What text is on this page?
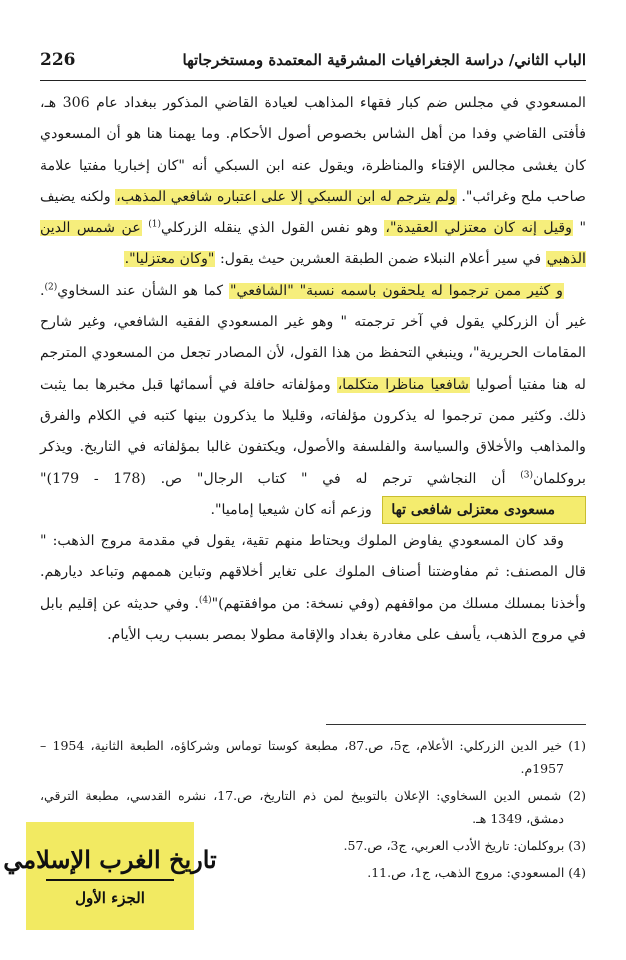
الباب الثاني/ دراسة الجغرافيات المشرقية المعتمدة ومستخرجاتها
226

المسعودي في مجلس ضم كبار فقهاء المذاهب لعيادة القاضي المذكور ببغداد عام 306 هـ، فأفتى القاضي وفدا من أهل الشاس بخصوص أصول الأحكام. وما يهمنا هنا هو أن المسعودي كان يغشى مجالس الإفتاء والمناظرة، ويقول عنه ابن السبكي أنه "كان إخباريا مفتيا علامة صاحب ملح وغرائب". ولم يترجم له ابن السبكي إلا على اعتباره شافعي المذهب، ولكنه يضيف " وقيل إنه كان معتزلي العقيدة"، وهو نفس القول الذي ينقله الزركلي$^{(1)}$ عن شمس الدين الذهبي في سير أعلام النبلاء ضمن الطبقة العشرين حيث يقول: "وكان معتزليا".

و كثير ممن ترجموا له يلحقون باسمه نسبة" "الشافعي" كما هو الشأن عند السخاوي$^{(2)}$. غير أن الزركلي يقول في آخر ترجمته " وهو غير المسعودي الفقيه الشافعي، وغير شارح المقامات الحريرية"، وينبغي التحفظ من هذا القول، لأن المصادر تجعل من المسعودي المترجم له هنا مفتيا أصوليا شافعيا مناظرا متكلما، ومؤلفاته حافلة في أسمائها قبل مخبرها بما يثبت ذلك. وكثير ممن ترجموا له يذكرون مؤلفاته، وقليلا ما يذكرون بينها كتبه في الكلام والفرق والمذاهب والأخلاق والسياسة والفلسفة والأصول، ويكتفون غالبا بمؤلفاته في التاريخ. ويذكر بروكلمان$^{(3)}$ أن النجاشي ترجم له في " كتاب الرجال" ص. (178 - 179)" مسعودى معتزلى شافعى تها وزعم أنه كان شيعيا إماميا".

وقد كان المسعودي يفاوض الملوك ويحتاط منهم تقية، يقول في مقدمة مروج الذهب: " قال المصنف: ثم مفاوضتنا أصناف الملوك على تغاير أخلاقهم وتباين هممهم وتباعد ديارهم. وأخذنا بمسلك مسلك من مواقفهم (وفي نسخة: من موافقتهم)"$^{(4)}$. وفي حديثه عن إقليم بابل في مروج الذهب، يأسف على مغادرة بغداد والإقامة مطولا بمصر بسبب ريب الأيام.

(1) خير الدين الزركلي: الأعلام، ج5، ص.87، مطبعة كوستا توماس وشركاؤه، الطبعة الثانية، 1954 – 1957م.

(2) شمس الدين السخاوي: الإعلان بالتوبيخ لمن ذم التاريخ، ص.17، نشره القدسي، مطبعة الترقي، دمشق، 1349 هـ.

(3) بروكلمان: تاريخ الأدب العربي، ج3، ص.57.

(4) المسعودي: مروج الذهب، ج1، ص.11.

تاريخ الغرب الإسلامي
الجزء الأول
